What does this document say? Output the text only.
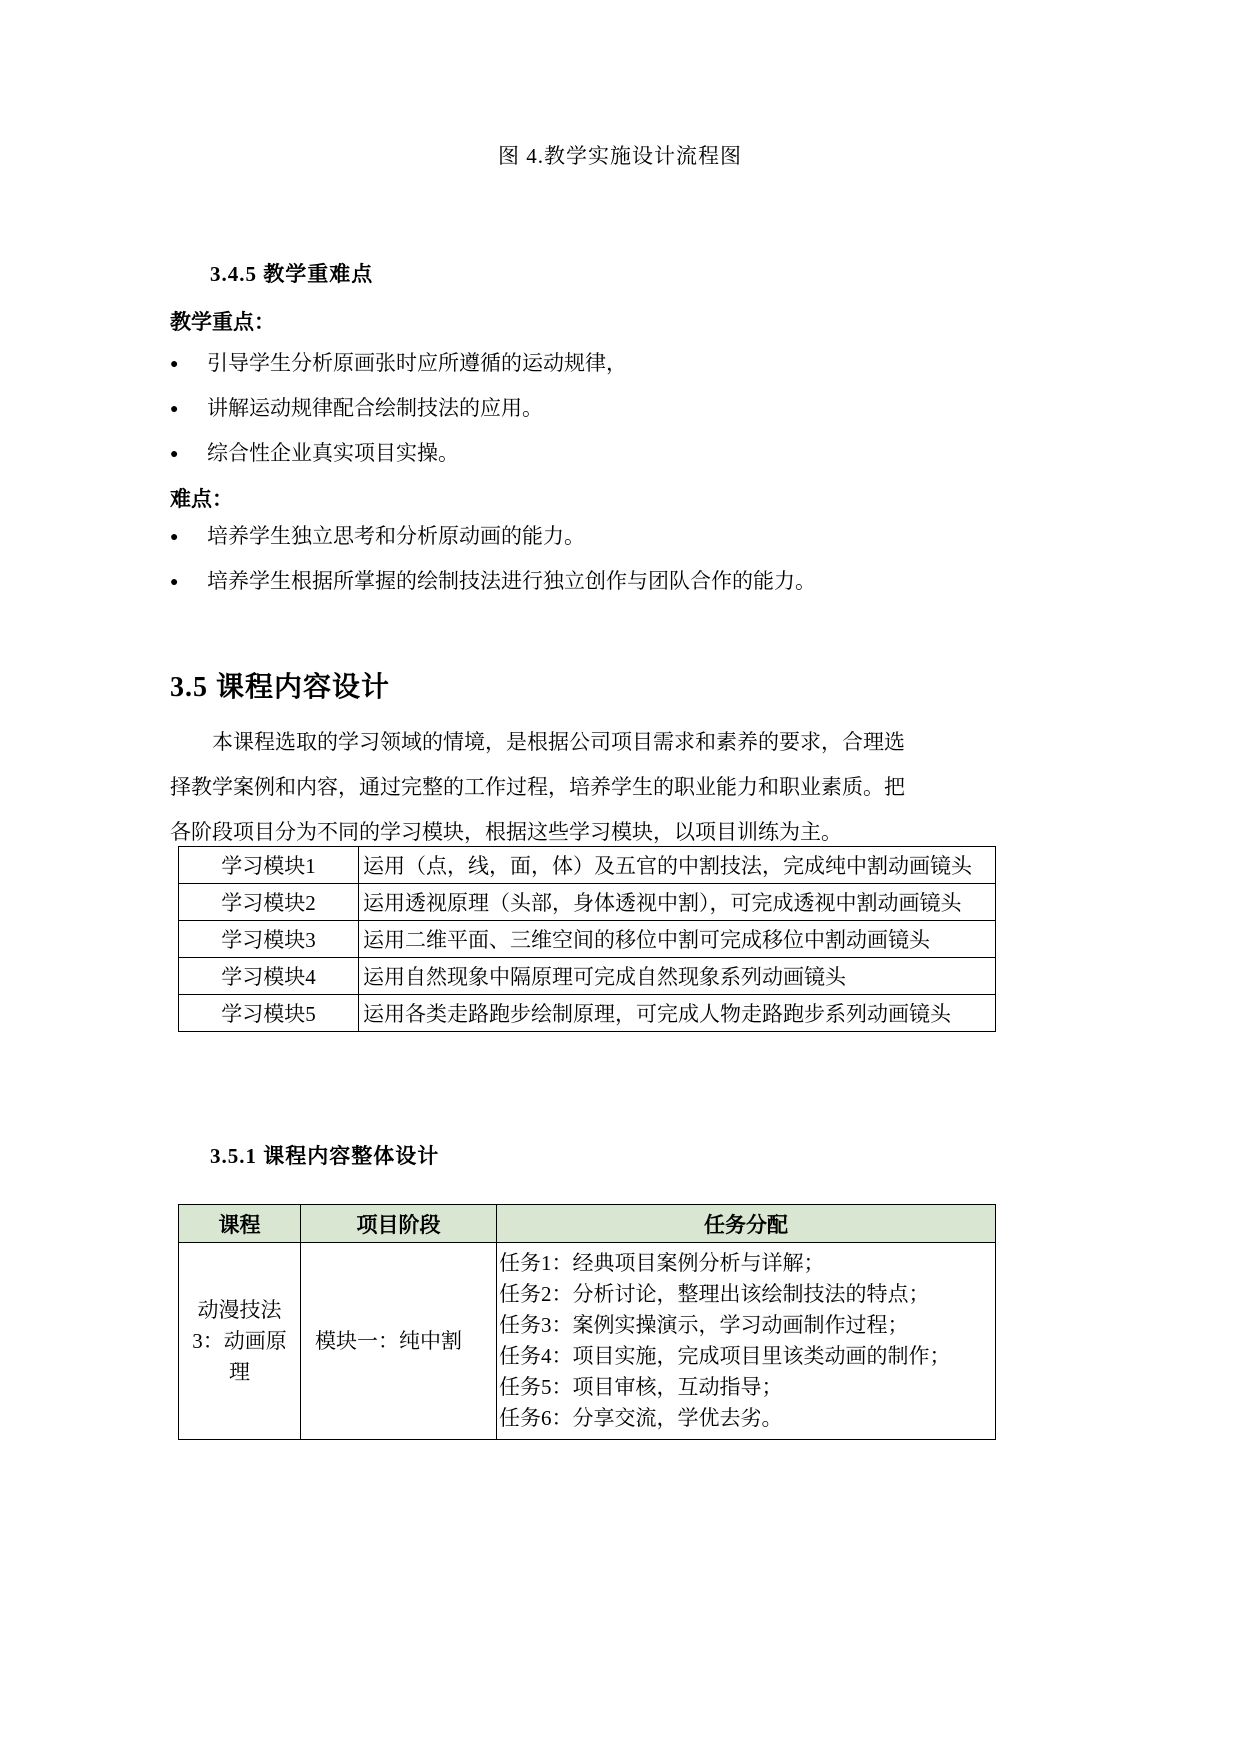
图 4.教学实施设计流程图
3.4.5 教学重难点
教学重点：
● 引导学生分析原画张时应所遵循的运动规律，
● 讲解运动规律配合绘制技法的应用。
● 综合性企业真实项目实操。
难点：
● 培养学生独立思考和分析原动画的能力。
● 培养学生根据所掌握的绘制技法进行独立创作与团队合作的能力。
3.5 课程内容设计
本课程选取的学习领域的情境，是根据公司项目需求和素养的要求，合理选
择教学案例和内容，通过完整的工作过程，培养学生的职业能力和职业素质。把
各阶段项目分为不同的学习模块，根据这些学习模块，以项目训练为主。
学习模块1	运用（点，线，面，体）及五官的中割技法，完成纯中割动画镜头
学习模块2	运用透视原理（头部，身体透视中割），可完成透视中割动画镜头
学习模块3	运用二维平面、三维空间的移位中割可完成移位中割动画镜头
学习模块4	运用自然现象中隔原理可完成自然现象系列动画镜头
学习模块5	运用各类走路跑步绘制原理，可完成人物走路跑步系列动画镜头
3.5.1 课程内容整体设计
课程	项目阶段	任务分配
动漫技法3：动画原理	模块一：纯中割	
任务1：经典项目案例分析与详解；
任务2：分析讨论，整理出该绘制技法的特点；
任务3：案例实操演示，学习动画制作过程；
任务4：项目实施，完成项目里该类动画的制作；
任务5：项目审核，互动指导；
任务6：分享交流，学优去劣。
